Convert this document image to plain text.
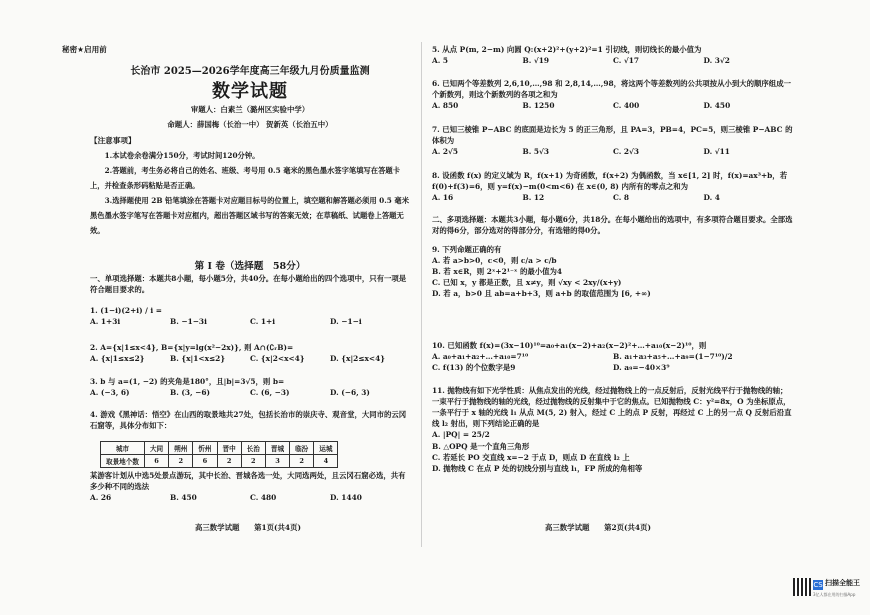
秘密★启用前
长治市 2025—2026学年度高三年级九月份质量监测
数学试题
审题人：白素兰（潞州区实验中学）
命题人：薛国梅（长治一中） 贺新英（长治五中）
【注意事项】

1.本试卷余卷满分150分，考试时间120分钟。

2.答题前，考生务必将自己的姓名、班级、考号用 0.5 毫米的黑色墨水签字笔填写在答题卡上，并检查条形码粘贴是否正确。

3.选择题使用 2B 铅笔填涂在答题卡对应题目标号的位置上，填空题和解答题必须用 0.5 毫米黑色墨水签字笔写在答题卡对应框内，超出答题区域书写的答案无效；在草稿纸、试题卷上答题无效。

第 Ⅰ 卷（选择题　58分）
一、单项选择题：本题共8小题，每小题5分，共40分。在每小题给出的四个选项中，只有一项是符合题目要求的。
1. (1−i)(2+i) / i =
A. 1+3i	B. −1−3i	C. 1+i	D. −1−i
2. A={x|1≤x<4}, B={x|y=lg(x²−2x)}, 则 A∩(∁ᵣB)=
A. {x|1≤x≤2}	B. {x|1<x≤2}	C. {x|2<x<4}	D. {x|2≤x<4}
3. b 与 a=(1, −2) 的夹角是180°，且|b|=3√5，则 b=
A. (−3, 6)	B. (3, −6)	C. (6, −3)	D. (−6, 3)
4. 游戏《黑神话：悟空》在山西的取景地共27处，包括长治市的崇庆寺、观音堂，大同市的云冈石窟等，具体分布如下：
城市	大同	朔州	忻州	晋中	长治	晋城	临汾	运城
取景地个数	6	2	6	2	2	3	2	4
某游客计划从中选5处景点游玩，其中长治、晋城各选一处，大同选两处，且云冈石窟必选，共有多少种不同的选法
A. 26	B. 450	C. 480	D. 1440
5. 从点 P(m, 2−m) 向圆 Q:(x+2)²+(y+2)²=1 引切线，则切线长的最小值为
A. 5	B. √19	C. √17	D. 3√2
6. 已知两个等差数列 2,6,10,…,98 和 2,8,14,…,98，将这两个等差数列的公共项按从小到大的顺序组成一个新数列，则这个新数列的各项之和为
A. 850	B. 1250	C. 400	D. 450
7. 已知三棱锥 P−ABC 的底面是边长为 5 的正三角形，且 PA=3，PB=4，PC=5，则三棱锥 P−ABC 的体积为
A. 2√5	B. 5√3	C. 2√3	D. √11
8. 设函数 f(x) 的定义域为 R，f(x+1) 为奇函数，f(x+2) 为偶函数，当 x∈[1, 2] 时，f(x)=ax³+b，若 f(0)+f(3)=6，则 y=f(x)−m(0<m<6) 在 x∈(0, 8) 内所有的零点之和为
A. 16	B. 12	C. 8	D. 4
二、多项选择题：本题共3小题，每小题6分，共18分。在每小题给出的选项中，有多项符合题目要求。全部选对的得6分，部分选对的得部分分，有选错的得0分。
9. 下列命题正确的有
A. 若 a>b>0，c<0，则 c/a > c/b
B. 若 x∈R，则 2ˣ+2¹⁻ˣ 的最小值为4
C. 已知 x，y 都是正数，且 x≠y，则 √xy < 2xy/(x+y)
D. 若 a，b>0 且 ab=a+b+3，则 a+b 的取值范围为 [6, +∞)
10. 已知函数 f(x)=(3x−10)¹⁰=a₀+a₁(x−2)+a₂(x−2)²+…+a₁₀(x−2)¹⁰，则
A. a₀+a₁+a₂+…+a₁₀=7¹⁰	B. a₁+a₃+a₅+…+a₉=(1−7¹⁰)/2
C. f(13) 的个位数字是9	D. a₉=−40×3⁹
11. 抛物线有如下光学性质：从焦点发出的光线，经过抛物线上的一点反射后，反射光线平行于抛物线的轴；一束平行于抛物线的轴的光线，经过抛物线的反射集中于它的焦点。已知抛物线 C：y²=8x，O 为坐标原点，一条平行于 x 轴的光线 l₁ 从点 M(5, 2) 射入，经过 C 上的点 P 反射，再经过 C 上的另一点 Q 反射后沿直线 l₂ 射出，则下列结论正确的是
A. |PQ| = 25/2
B. △OPQ 是一个直角三角形
C. 若延长 PO 交直线 x=−2 于点 D，则点 D 在直线 l₂ 上
D. 抛物线 C 在点 P 处的切线分别与直线 l₁，FP 所成的角相等
高三数学试题　　第1页(共4页)	高三数学试题　　第2页(共4页)
CS 扫描全能王
3亿人都在用的扫描App
